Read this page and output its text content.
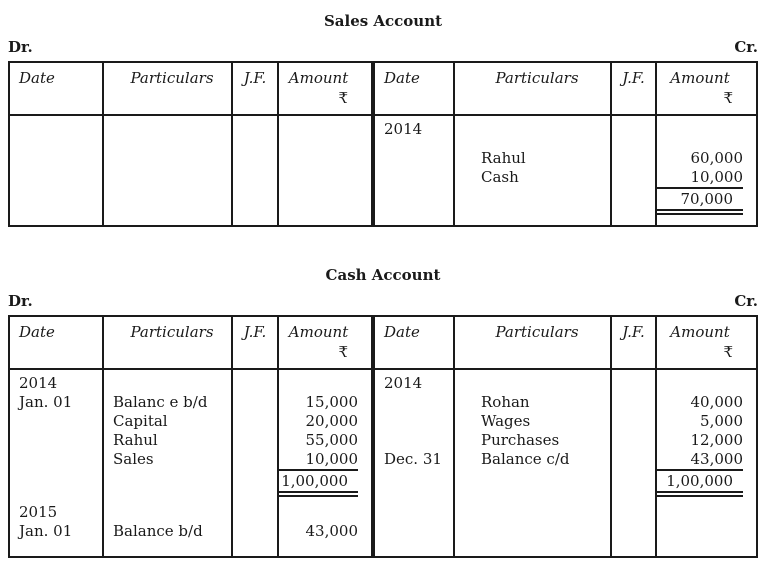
Sales Account
Dr.	Cr.
Date	Particulars	J.F.	Amount
₹
Date	Particulars	J.F.	Amount
₹
2014
Rahul	60,000
Cash	10,000
70,000
Cash Account
Dr.	Cr.
Date	Particulars	J.F.	Amount
₹
2014
Jan. 01	Balanc e b/d	15,000
Capital	20,000
Rahul	55,000
Sales	10,000
1,00,000
2015
Jan. 01	Balance b/d	43,000
Date	Particulars	J.F.	Amount
₹
2014
Rohan	40,000
Wages	5,000
Purchases	12,000
Dec. 31	Balance c/d	43,000
1,00,000
